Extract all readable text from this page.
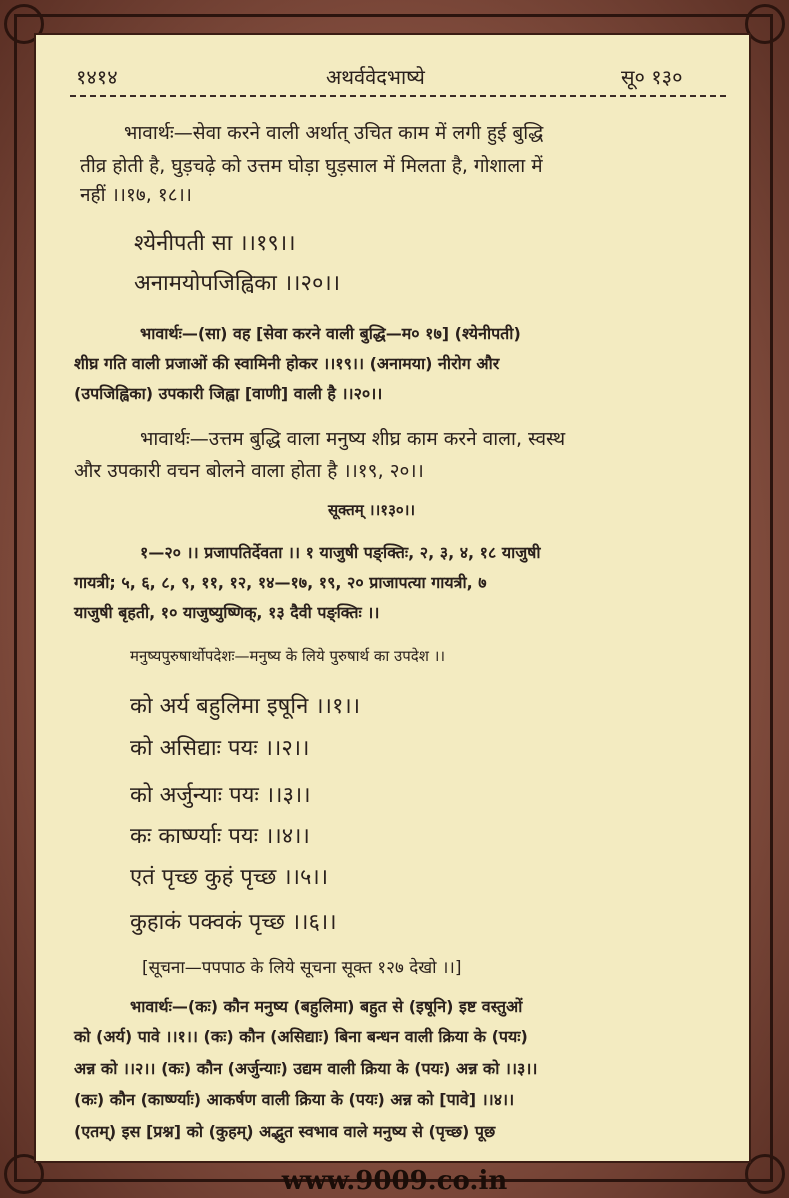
१४१४	अथर्ववेदभाष्ये	सू० १३०
भावार्थः—सेवा करने वाली अर्थात् उचित काम में लगी हुई बुद्धि
तीव्र होती है, घुड़चढ़े को उत्तम घोड़ा घुड़साल में मिलता है, गोशाला में
नहीं ।।१७, १८।।
श्येनीपती सा ।।१९।।
अनामयोपजिह्विका ।।२०।।
भावार्थः—(सा) वह [सेवा करने वाली बुद्धि—म० १७] (श्येनीपती)
शीघ्र गति वाली प्रजाओं की स्वामिनी होकर ।।१९।। (अनामया) नीरोग और
(उपजिह्विका) उपकारी जिह्वा [वाणी] वाली है ।।२०।।
भावार्थः—उत्तम बुद्धि वाला मनुष्य शीघ्र काम करने वाला, स्वस्थ
और उपकारी वचन बोलने वाला होता है ।।१९, २०।।
सूक्तम् ।।१३०।।
१—२० ।। प्रजापतिर्देवता ।। १ याजुषी पङ्क्तिः, २, ३, ४, १८ याजुषी
गायत्री; ५, ६, ८, ९, ११, १२, १४—१७, १९, २० प्राजापत्या गायत्री, ७
याजुषी बृहती, १० याजुष्युष्णिक्, १३ दैवी पङ्क्तिः ।।
मनुष्यपुरुषार्थोपदेशः—मनुष्य के लिये पुरुषार्थ का उपदेश ।।
को अर्य बहुलिमा इषूनि ।।१।।
को असिद्याः पयः ।।२।।
को अर्जुन्याः पयः ।।३।।
कः कार्ष्ण्याः पयः ।।४।।
एतं पृच्छ कुहं पृच्छ ।।५।।
कुहाकं पक्वकं पृच्छ ।।६।।
[सूचना—पपपाठ के लिये सूचना सूक्त १२७ देखो ।।]
भावार्थः—(कः) कौन मनुष्य (बहुलिमा) बहुत से (इषूनि) इष्ट वस्तुओं
को (अर्य) पावे ।।१।। (कः) कौन (असिद्याः) बिना बन्धन वाली क्रिया के (पयः)
अन्न को ।।२।। (कः) कौन (अर्जुन्याः) उद्यम वाली क्रिया के (पयः) अन्न को ।।३।।
(कः) कौन (कार्ष्ण्याः) आकर्षण वाली क्रिया के (पयः) अन्न को [पावे] ।।४।।
(एतम्) इस [प्रश्न] को (कुहम्) अद्भुत स्वभाव वाले मनुष्य से (पृच्छ) पूछ
www.9009.co.in
